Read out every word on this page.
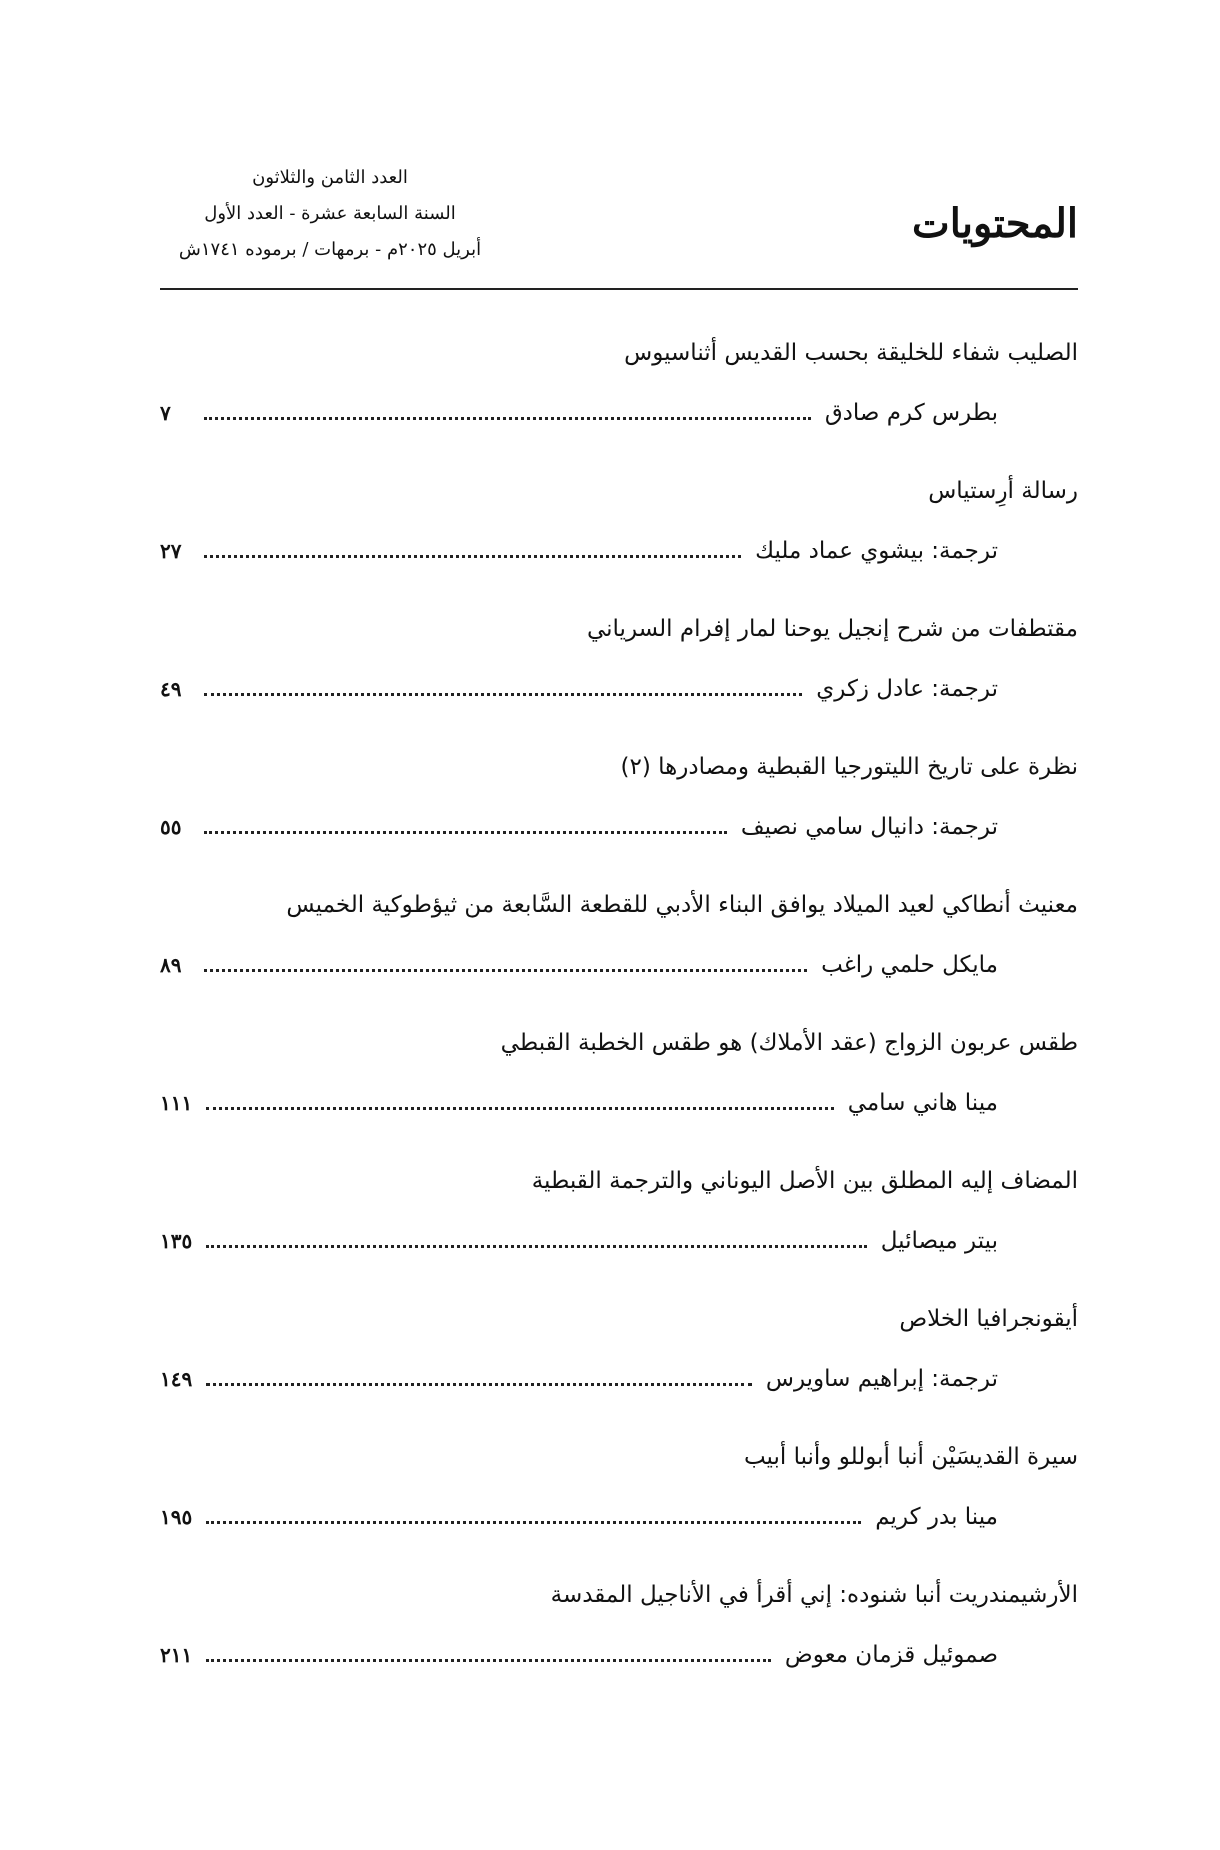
المحتويات
العدد الثامن والثلاثون
السنة السابعة عشرة - العدد الأول
أبريل ٢٠٢٥م - برمهات / برموده ١٧٤١ش
الصليب شفاء للخليقة بحسب القديس أثناسيوس
بطرس كرم صادق
٧
رسالة أرِستياس
ترجمة: بيشوي عماد مليك
٢٧
مقتطفات من شرح إنجيل يوحنا لمار إفرام السرياني
ترجمة: عادل زكري
٤٩
نظرة على تاريخ الليتورجيا القبطية ومصادرها (٢)
ترجمة: دانيال سامي نصيف
٥٥
معنيث أنطاكي لعيد الميلاد يوافق البناء الأدبي للقطعة السَّابعة من ثيؤطوكية الخميس
مايكل حلمي راغب
٨٩
طقس عربون الزواج (عقد الأملاك) هو طقس الخطبة القبطي
مينا هاني سامي
١١١
المضاف إليه المطلق بين الأصل اليوناني والترجمة القبطية
بيتر ميصائيل
١٣٥
أيقونجرافيا الخلاص
ترجمة: إبراهيم ساويرس
١٤٩
سيرة القديسَيْن أنبا أبوللو وأنبا أبيب
مينا بدر كريم
١٩٥
الأرشيمندريت أنبا شنوده: إني أقرأ في الأناجيل المقدسة
صموئيل قزمان معوض
٢١١
